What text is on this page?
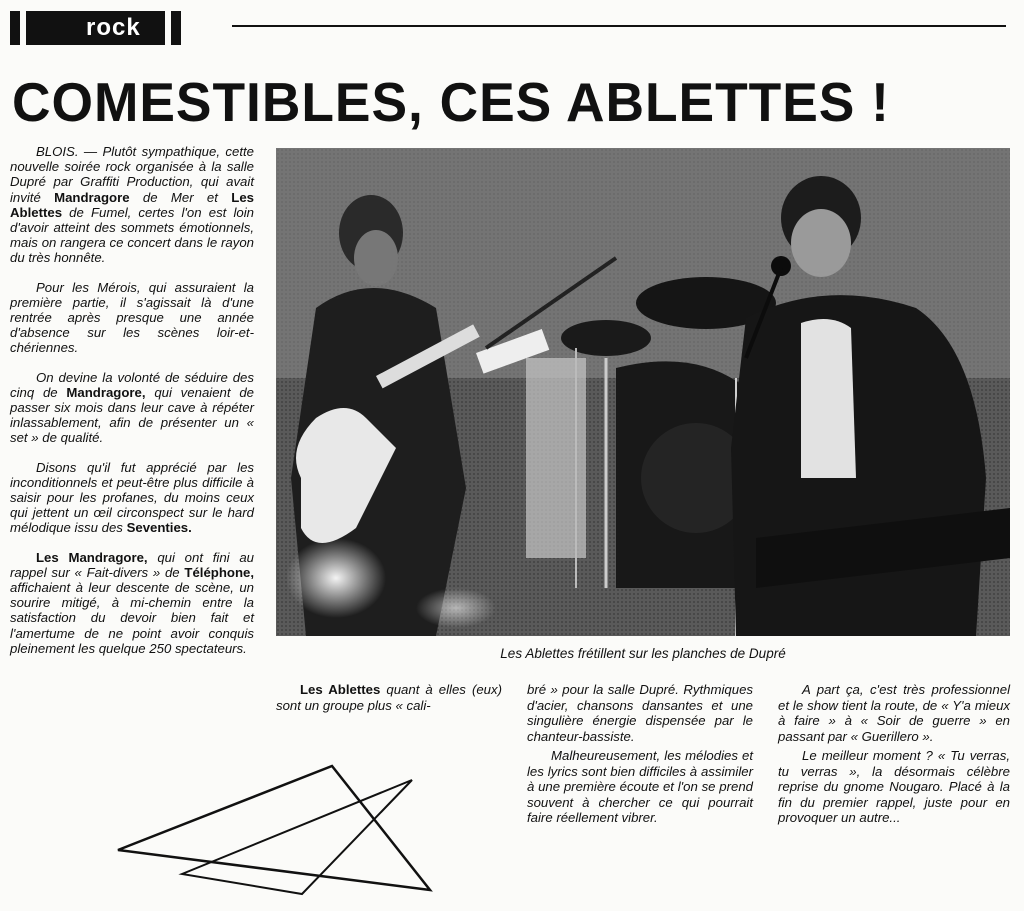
rock
COMESTIBLES, CES ABLETTES !

BLOIS. — Plutôt sympathique, cette nouvelle soirée rock organisée à la salle Dupré par Graffiti Production, qui avait invité Mandragore de Mer et Les Ablettes de Fumel, certes l'on est loin d'avoir atteint des sommets émotionnels, mais on rangera ce concert dans le rayon du très honnête.

Pour les Mérois, qui assuraient la première partie, il s'agissait là d'une rentrée après presque une année d'absence sur les scènes loir-et-chériennes.

On devine la volonté de séduire des cinq de Mandragore, qui venaient de passer six mois dans leur cave à répéter inlassablement, afin de présenter un « set » de qualité.

Disons qu'il fut apprécié par les inconditionnels et peut-être plus difficile à saisir pour les profanes, du moins ceux qui jettent un œil circonspect sur le hard mélodique issu des Seventies.

Les Mandragore, qui ont fini au rappel sur « Fait-divers » de Téléphone, affichaient à leur descente de scène, un sourire mitigé, à mi-chemin entre la satisfaction du devoir bien fait et l'amertume de ne point avoir conquis pleinement les quelque 250 spectateurs.	Les Ablettes frétillent sur les planches de Dupré

Les Ablettes quant à elles (eux) sont un groupe plus « cali-

bré » pour la salle Dupré. Rythmiques d'acier, chansons dansantes et une singulière énergie dispensée par le chanteur-bassiste.

Malheureusement, les mélodies et les lyrics sont bien difficiles à assimiler à une première écoute et l'on se prend souvent à chercher ce qui pourrait faire réellement vibrer.

A part ça, c'est très professionnel et le show tient la route, de « Y'a mieux à faire » à « Soir de guerre » en passant par « Guerillero ».

Le meilleur moment ? « Tu verras, tu verras », la désormais célèbre reprise du gnome Nougaro. Placé à la fin du premier rappel, juste pour en provoquer un autre...
